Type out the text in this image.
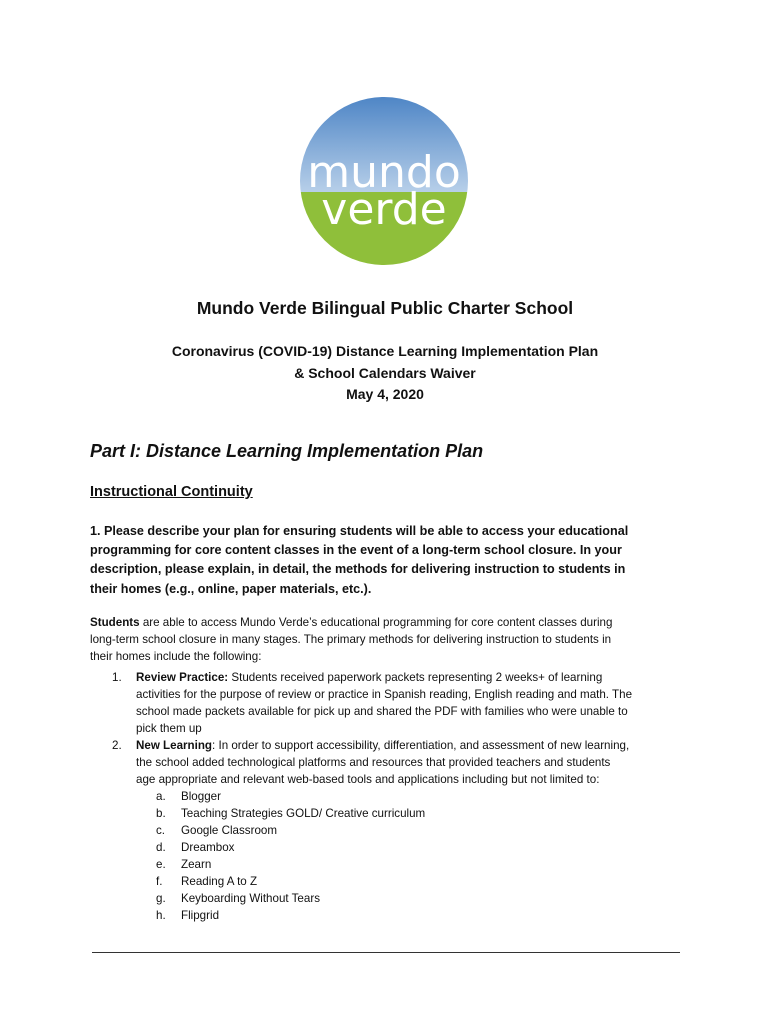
mundo
verde
Mundo Verde Bilingual Public Charter School
Coronavirus (COVID-19) Distance Learning Implementation Plan
& School Calendars Waiver
May 4, 2020
Part I: Distance Learning Implementation Plan
Instructional Continuity
1. Please describe your plan for ensuring students will be able to access your educational
programming for core content classes in the event of a long-term school closure. In your
description, please explain, in detail, the methods for delivering instruction to students in
their homes (e.g., online, paper materials, etc.).
Students are able to access Mundo Verde’s educational programming for core content classes during
long-term school closure in many stages. The primary methods for delivering instruction to students in
their homes include the following:
1. Review Practice: Students received paperwork packets representing 2 weeks+ of learning
activities for the purpose of review or practice in Spanish reading, English reading and math. The
school made packets available for pick up and shared the PDF with families who were unable to
pick them up
2. New Learning: In order to support accessibility, differentiation, and assessment of new learning,
the school added technological platforms and resources that provided teachers and students
age appropriate and relevant web-based tools and applications including but not limited to:
a. Blogger
b. Teaching Strategies GOLD/ Creative curriculum
c. Google Classroom
d. Dreambox
e. Zearn
f. Reading A to Z
g. Keyboarding Without Tears
h. Flipgrid
